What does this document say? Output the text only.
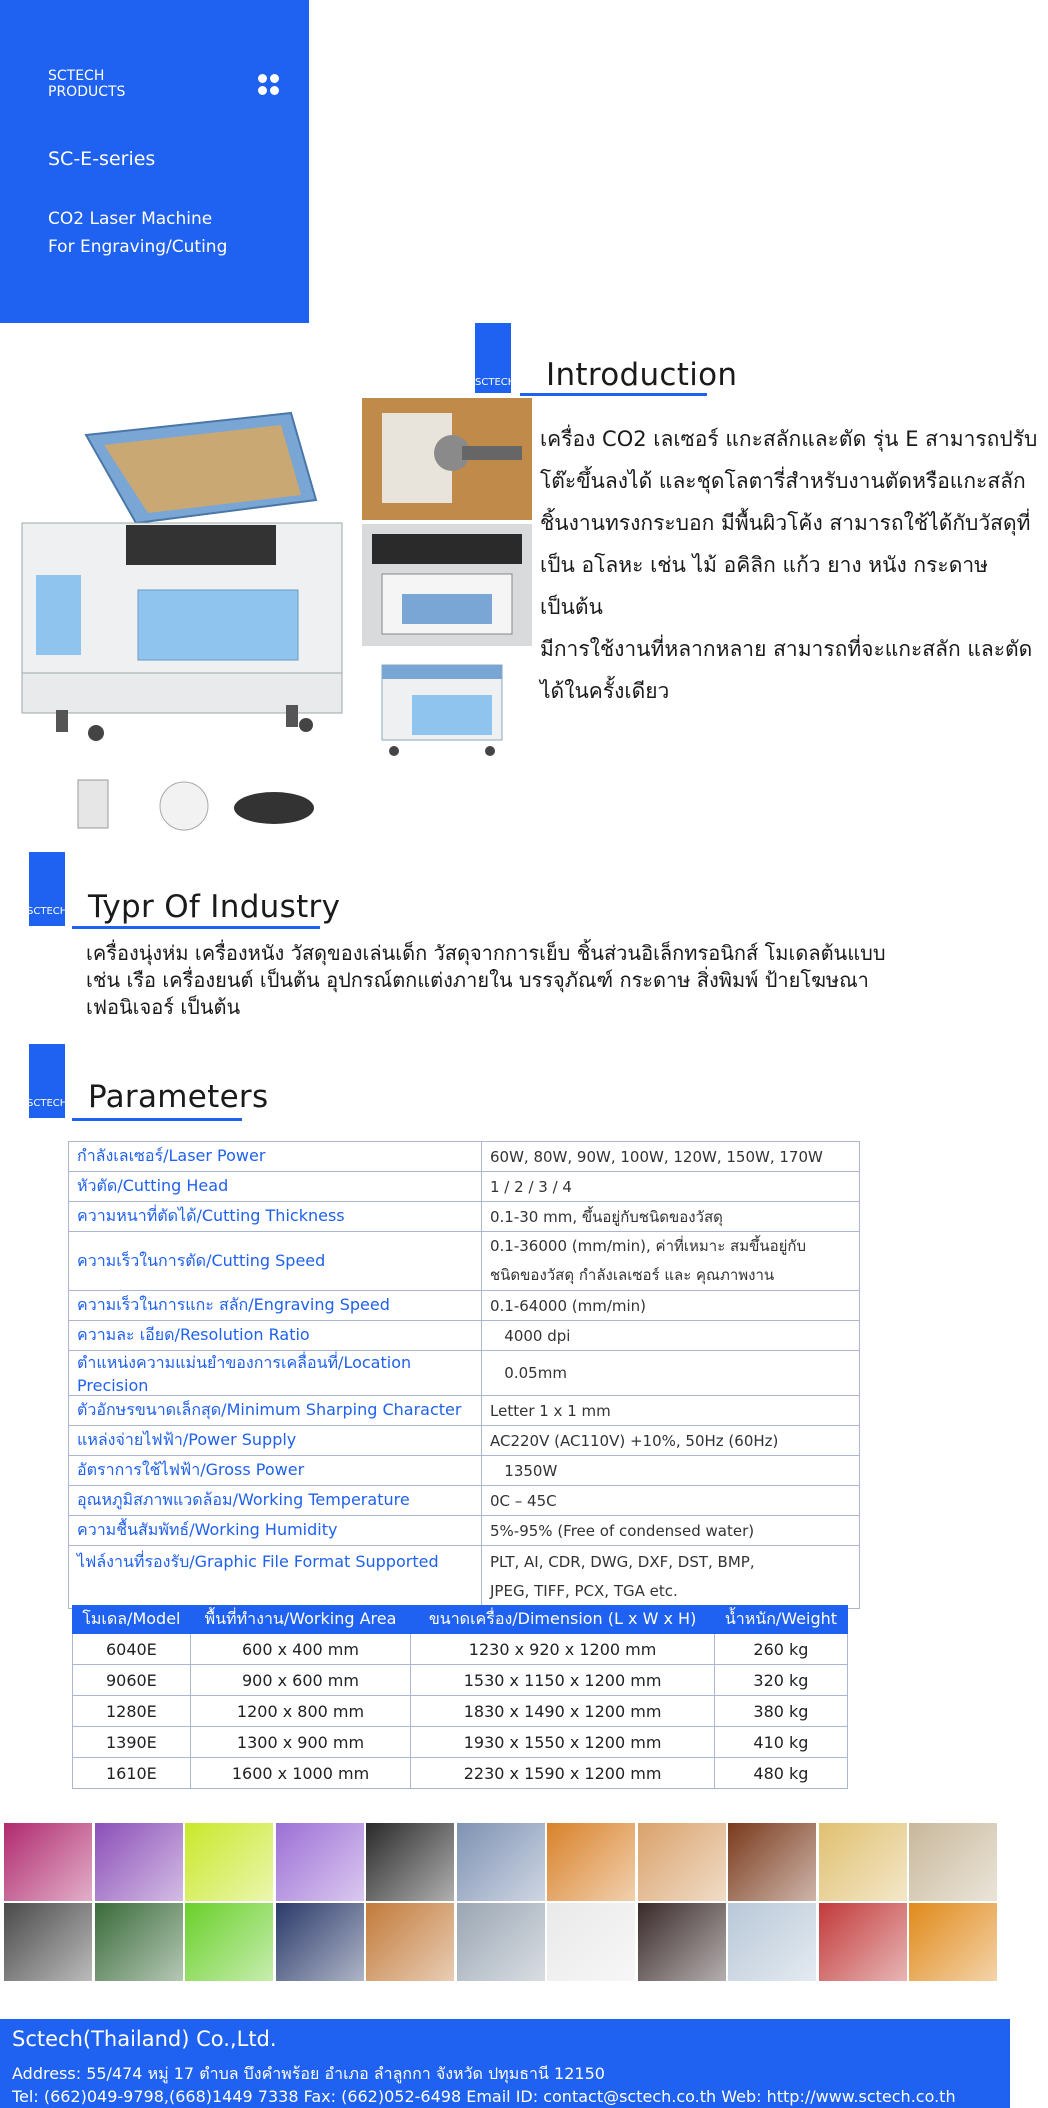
SCTECH
PRODUCTS
SC-E-series
CO2 Laser Machine
For Engraving/Cuting
SCTECH Introduction
เครื่อง CO2 เลเซอร์ แกะสลักและตัด รุ่น E สามารถปรับ
โต๊ะขึ้นลงได้ และชุดโลตารี่สำหรับงานตัดหรือแกะสลัก
ชิ้นงานทรงกระบอก มีพื้นผิวโค้ง สามารถใช้ได้กับวัสดุที่
เป็น อโลหะ เช่น ไม้ อคิลิก แก้ว ยาง หนัง กระดาษเป็นต้น
มีการใช้งานที่หลากหลาย สามารถที่จะแกะสลัก และตัด
ได้ในครั้งเดียว
SCTECH Typr Of Industry
เครื่องนุ่งห่ม เครื่องหนัง วัสดุของเล่นเด็ก วัสดุจากการเย็บ ชิ้นส่วนอิเล็กทรอนิกส์ โมเดลต้นแบบ
เช่น เรือ เครื่องยนต์ เป็นต้น อุปกรณ์ตกแต่งภายใน บรรจุภัณฑ์ กระดาษ สิ่งพิมพ์ ป้ายโฆษณา
เฟอนิเจอร์ เป็นต้น
SCTECH Parameters
กำลังเลเซอร์/Laser Power	60W, 80W, 90W, 100W, 120W, 150W, 170W
หัวตัด/Cutting Head	1 / 2 / 3 / 4
ความหนาที่ตัดได้/Cutting Thickness	0.1-30 mm, ขึ้นอยู่กับชนิดของวัสดุ
ความเร็วในการตัด/Cutting Speed	0.1-36000 (mm/min), ค่าที่เหมาะ สมขึ้นอยู่กับ
ชนิดของวัสดุ กำลังเลเซอร์ และ คุณภาพงาน

ความเร็วในการแกะ สลัก/Engraving Speed	0.1-64000 (mm/min)
ความละ เอียด/Resolution Ratio	4000 dpi
ตำแหน่งความแม่นยำของการเคลื่อนที่/Location Precision	0.05mm
ตัวอักษรขนาดเล็กสุด/Minimum Sharping Character	Letter 1 x 1 mm
แหล่งจ่ายไฟฟ้า/Power Supply	AC220V (AC110V) +10%, 50Hz (60Hz)
อัตราการใช้ไฟฟ้า/Gross Power	1350W
อุณหภูมิสภาพแวดล้อม/Working Temperature	0C – 45C
ความชื้นสัมพัทธ์/Working Humidity	5%-95% (Free of condensed water)
ไฟล์งานที่รองรับ/Graphic File Format Supported	PLT, AI, CDR, DWG, DXF, DST, BMP,
JPEG, TIFF, PCX, TGA etc.
โมเดล/Model	พื้นที่ทำงาน/Working Area	ขนาดเครื่อง/Dimension (L x W x H)	น้ำหนัก/Weight
6040E	600 x 400 mm	1230 x 920 x 1200 mm	260 kg
9060E	900 x 600 mm	1530 x 1150 x 1200 mm	320 kg
1280E	1200 x 800 mm	1830 x 1490 x 1200 mm	380 kg
1390E	1300 x 900 mm	1930 x 1550 x 1200 mm	410 kg
1610E	1600 x 1000 mm	2230 x 1590 x 1200 mm	480 kg
Sctech(Thailand) Co.,Ltd.
Address: 55/474 หมู่ 17 ตำบล บึงคำพร้อย อำเภอ ลำลูกกา จังหวัด ปทุมธานี 12150
Tel: (662)049-9798,(668)1449 7338 Fax: (662)052-6498 Email ID: contact@sctech.co.th Web: http://www.sctech.co.th
